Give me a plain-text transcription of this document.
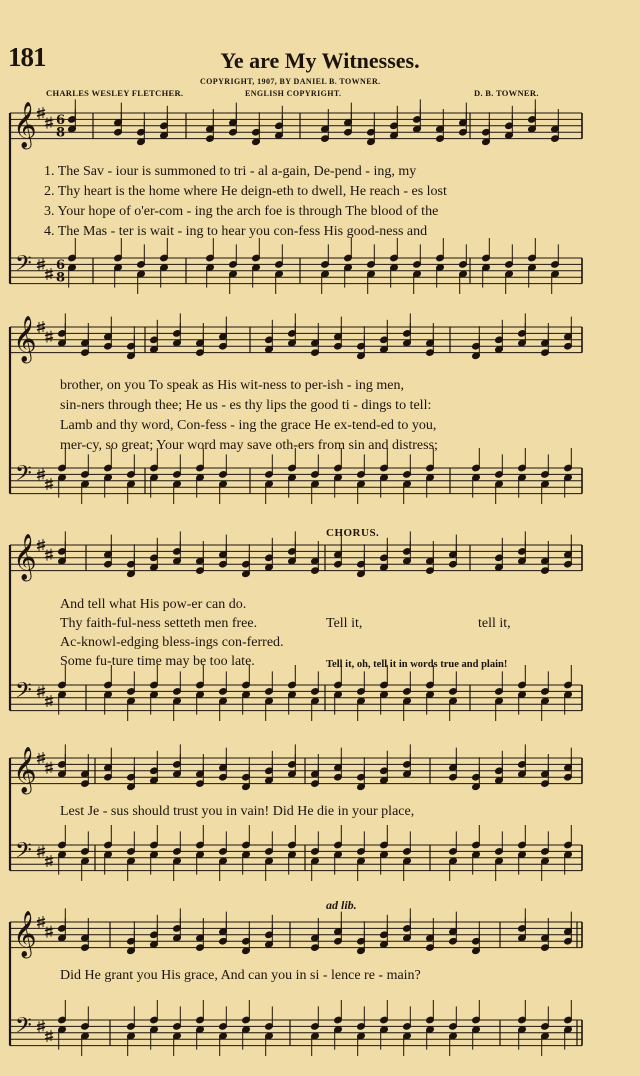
181	Ye are My Witnesses.
COPYRIGHT, 1907, BY DANIEL B. TOWNER.
ENGLISH COPYRIGHT.
CHARLES WESLEY FLETCHER.	D. B. TOWNER.
𝄞
𝄢
6
8
6
8
𝄞
𝄢
𝄞
𝄢
𝄞
𝄢
𝄞
𝄢
1. The Sav - iour is summoned to tri - al a-gain, De-pend - ing, my
2. Thy heart is the home where He deign-eth to dwell, He reach - es lost
3. Your hope of o'er-com - ing the arch foe is through The blood of the
4. The Mas - ter is wait - ing to hear you con-fess His good-ness and
brother, on you To speak as His wit-ness to per-ish - ing men,
sin-ners through thee; He us - es thy lips the good ti - dings to tell:
Lamb and thy word, Con-fess - ing the grace He ex-tend-ed to you,
mer-cy, so great; Your word may save oth-ers from sin and distress;
CHORUS.
And tell what His pow-er can do.
Thy faith-ful-ness setteth men free.	Tell it,	tell it,
Ac-knowl-edging bless-ings con-ferred.
Some fu-ture time may be too late.	Tell it, oh, tell it in words true and plain!
Lest Je - sus should trust you in vain! Did He die in your place,
ad lib.
Did He grant you His grace, And can you in si - lence re - main?
